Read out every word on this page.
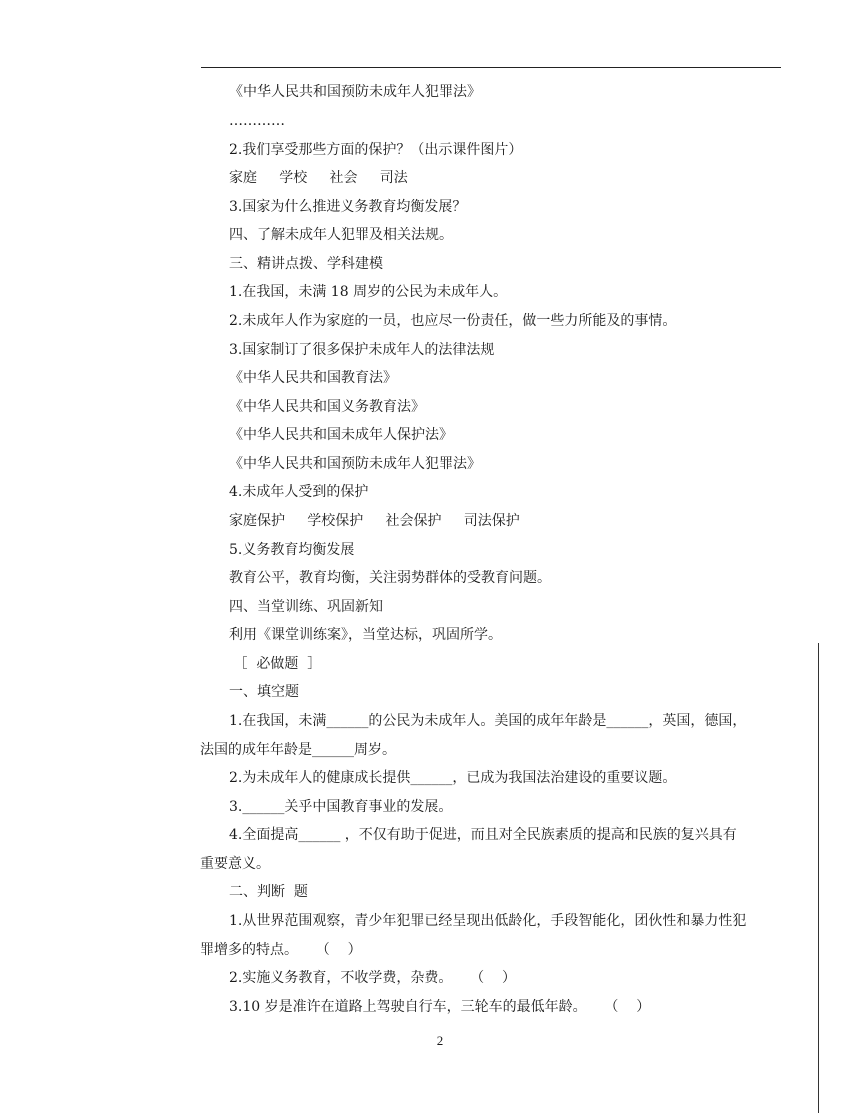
《中华人民共和国预防未成年人犯罪法》
…………
2.我们享受那些方面的保护？（出示课件图片）
家庭     学校     社会     司法
3.国家为什么推进义务教育均衡发展？
四、了解未成年人犯罪及相关法规。
三、精讲点拨、学科建模
1.在我国，未满 18 周岁的公民为未成年人。
2.未成年人作为家庭的一员，也应尽一份责任，做一些力所能及的事情。
3.国家制订了很多保护未成年人的法律法规
《中华人民共和国教育法》
《中华人民共和国义务教育法》
《中华人民共和国未成年人保护法》
《中华人民共和国预防未成年人犯罪法》
4.未成年人受到的保护
家庭保护     学校保护     社会保护     司法保护
5.义务教育均衡发展
教育公平，教育均衡，关注弱势群体的受教育问题。
四、当堂训练、巩固新知
利用《课堂训练案》，当堂达标，巩固所学。
［  必做题  ］
一、填空题
1.在我国，未满______的公民为未成年人。美国的成年年龄是______，英国，德国，
法国的成年年龄是______周岁。
2.为未成年人的健康成长提供______，已成为我国法治建设的重要议题。
3.______关乎中国教育事业的发展。
4.全面提高______ ，不仅有助于促进，而且对全民族素质的提高和民族的复兴具有
重要意义。
二、判断  题
1.从世界范围观察，青少年犯罪已经呈现出低龄化，手段智能化，团伙性和暴力性犯
罪增多的特点。    （    ）
2.实施义务教育，不收学费，杂费。    （    ）
3.10 岁是准许在道路上驾驶自行车，三轮车的最低年龄。    （    ）
2
